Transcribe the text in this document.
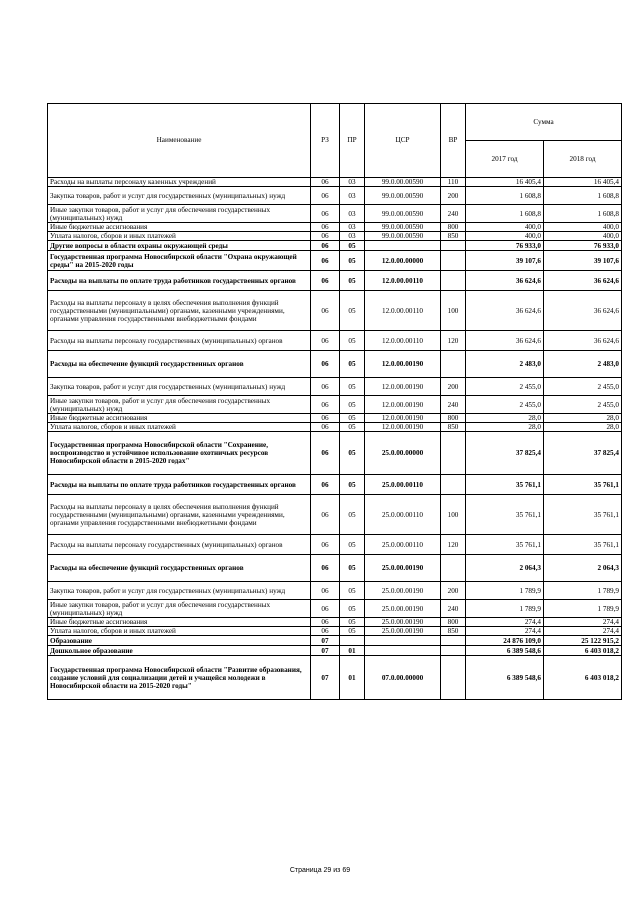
Наименование	РЗ	ПР	ЦСР	ВР	Сумма	
					2017 год	2018 год
Расходы на выплаты персоналу казенных учреждений	06	03	99.0.00.00590	110	16 405,4	16 405,4
Закупка товаров, работ и услуг для государственных (муниципальных) нужд	06	03	99.0.00.00590	200	1 608,8	1 608,8
Иные закупки товаров, работ и услуг для обеспечения государственных (муниципальных) нужд	06	03	99.0.00.00590	240	1 608,8	1 608,8
Иные бюджетные ассигнования	06	03	99.0.00.00590	800	400,0	400,0
Уплата налогов, сборов и иных платежей	06	03	99.0.00.00590	850	400,0	400,0
Другие вопросы в области охраны окружающей среды	06	05			76 933,0	76 933,0
Государственная программа Новосибирской области "Охрана окружающей среды" на 2015-2020 годы	06	05	12.0.00.00000		39 107,6	39 107,6
Расходы на выплаты по оплате труда работников государственных органов	06	05	12.0.00.00110		36 624,6	36 624,6
Расходы на выплаты персоналу в целях обеспечения выполнения функций государственными (муниципальными) органами, казенными учреждениями, органами управления государственными внебюджетными фондами	06	05	12.0.00.00110	100	36 624,6	36 624,6
Расходы на выплаты персоналу государственных (муниципальных) органов	06	05	12.0.00.00110	120	36 624,6	36 624,6
Расходы на обеспечение функций государственных органов	06	05	12.0.00.00190		2 483,0	2 483,0
Закупка товаров, работ и услуг для государственных (муниципальных) нужд	06	05	12.0.00.00190	200	2 455,0	2 455,0
Иные закупки товаров, работ и услуг для обеспечения государственных (муниципальных) нужд	06	05	12.0.00.00190	240	2 455,0	2 455,0
Иные бюджетные ассигнования	06	05	12.0.00.00190	800	28,0	28,0
Уплата налогов, сборов и иных платежей	06	05	12.0.00.00190	850	28,0	28,0
Государственная программа Новосибирской области "Сохранение, воспроизводство и устойчивое использование охотничьих ресурсов Новосибирской области в 2015-2020 годах"	06	05	25.0.00.00000		37 825,4	37 825,4
Расходы на выплаты по оплате труда работников государственных органов	06	05	25.0.00.00110		35 761,1	35 761,1
Расходы на выплаты персоналу в целях обеспечения выполнения функций государственными (муниципальными) органами, казенными учреждениями, органами управления государственными внебюджетными фондами	06	05	25.0.00.00110	100	35 761,1	35 761,1
Расходы на выплаты персоналу государственных (муниципальных) органов	06	05	25.0.00.00110	120	35 761,1	35 761,1
Расходы на обеспечение функций государственных органов	06	05	25.0.00.00190		2 064,3	2 064,3
Закупка товаров, работ и услуг для государственных (муниципальных) нужд	06	05	25.0.00.00190	200	1 789,9	1 789,9
Иные закупки товаров, работ и услуг для обеспечения государственных (муниципальных) нужд	06	05	25.0.00.00190	240	1 789,9	1 789,9
Иные бюджетные ассигнования	06	05	25.0.00.00190	800	274,4	274,4
Уплата налогов, сборов и иных платежей	06	05	25.0.00.00190	850	274,4	274,4
Образование	07				24 876 109,0	25 122 915,2
Дошкольное образование	07	01			6 389 548,6	6 403 018,2
Государственная программа Новосибирской области "Развитие образования, создание условий для социализации детей и учащейся молодежи в Новосибирской области на 2015-2020 годы"	07	01	07.0.00.00000		6 389 548,6	6 403 018,2
Страница 29 из 69
